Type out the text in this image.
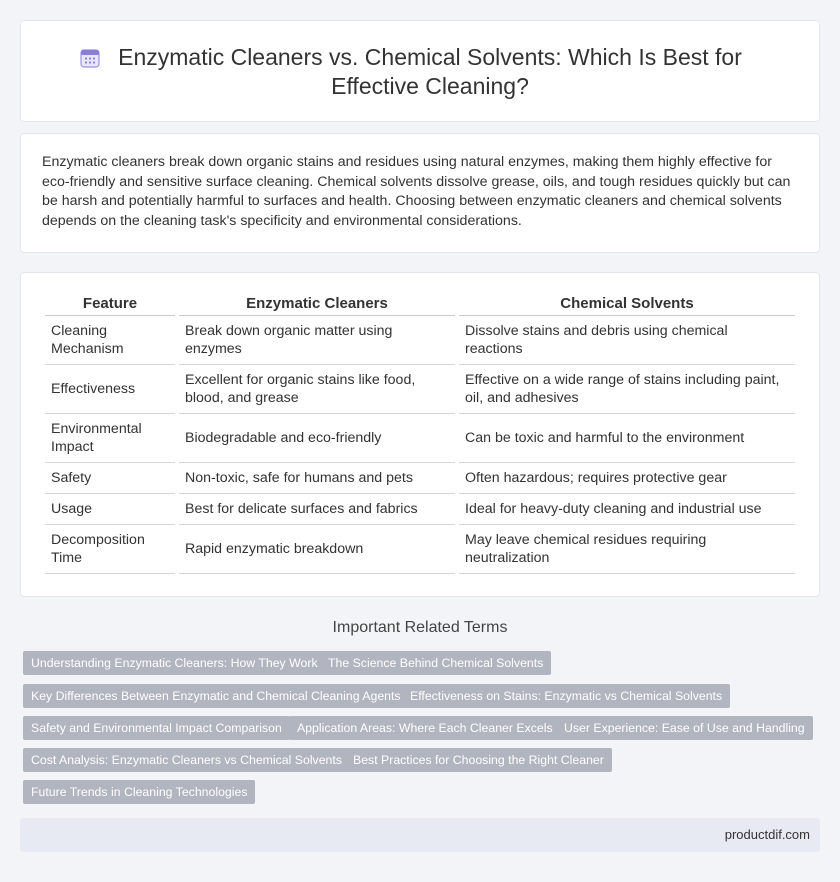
Enzymatic Cleaners vs. Chemical Solvents: Which Is Best for Effective Cleaning?

Enzymatic cleaners break down organic stains and residues using natural enzymes, making them highly effective for eco-friendly and sensitive surface cleaning. Chemical solvents dissolve grease, oils, and tough residues quickly but can be harsh and potentially harmful to surfaces and health. Choosing between enzymatic cleaners and chemical solvents depends on the cleaning task's specificity and environmental considerations.

Feature	Enzymatic Cleaners	Chemical Solvents
Cleaning Mechanism	Break down organic matter using enzymes	Dissolve stains and debris using chemical reactions
Effectiveness	Excellent for organic stains like food, blood, and grease	Effective on a wide range of stains including paint, oil, and adhesives
Environmental Impact	Biodegradable and eco-friendly	Can be toxic and harmful to the environment
Safety	Non-toxic, safe for humans and pets	Often hazardous; requires protective gear
Usage	Best for delicate surfaces and fabrics	Ideal for heavy-duty cleaning and industrial use
Decomposition Time	Rapid enzymatic breakdown	May leave chemical residues requiring neutralization
Important Related Terms
Understanding Enzymatic Cleaners: How They Work The Science Behind Chemical Solvents
Key Differences Between Enzymatic and Chemical Cleaning Agents Effectiveness on Stains: Enzymatic vs Chemical Solvents
Safety and Environmental Impact Comparison	Application Areas: Where Each Cleaner Excels User Experience: Ease of Use and Handling
Cost Analysis: Enzymatic Cleaners vs Chemical Solvents Best Practices for Choosing the Right Cleaner
Future Trends in Cleaning Technologies
productdif.com
